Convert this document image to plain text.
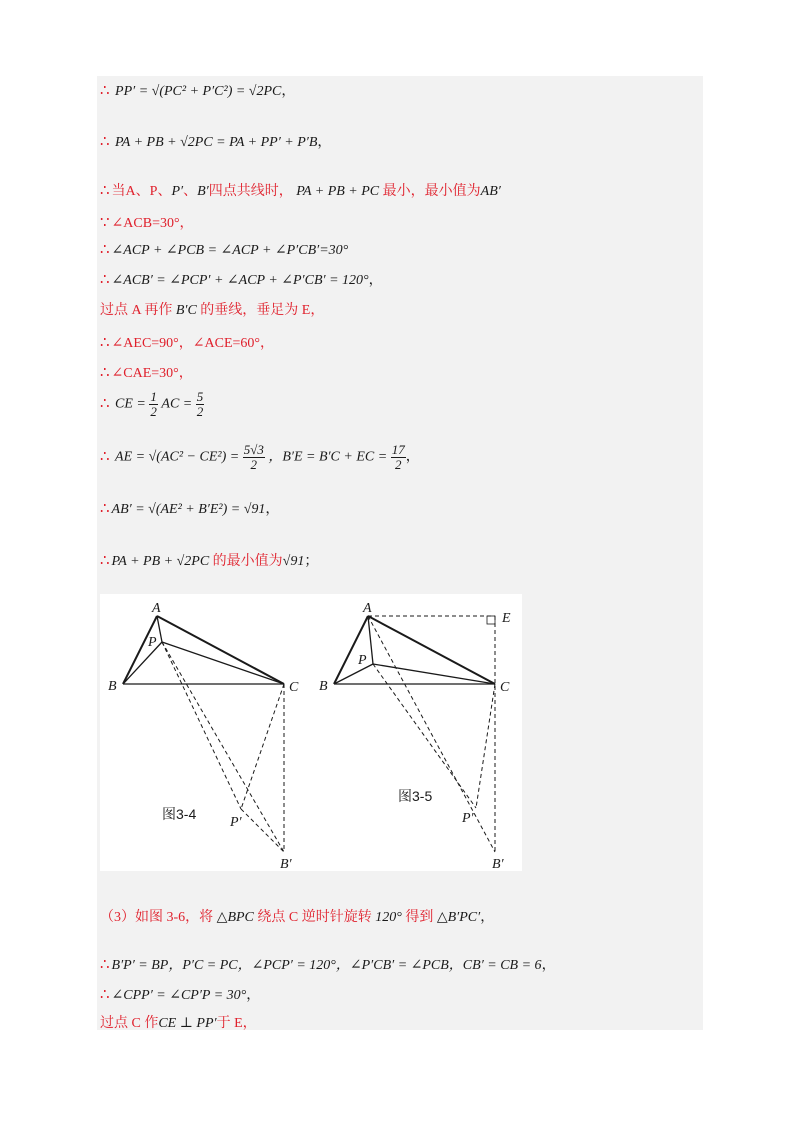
∴ PP′ = √(PC² + P′C²) = √2PC，
∴ PA + PB + √2PC = PA + PP′ + P′B，
∴ 当A、P、P′、B′四点共线时， PA + PB + PC 最小，最小值为AB′
∵ ∠ACB=30°，
∴ ∠ACP + ∠PCB = ∠ACP + ∠P′CB′=30°
∴ ∠ACB′ = ∠PCP′ + ∠ACP + ∠P′CB′ = 120°，
过点 A 再作 B′C 的垂线，垂足为 E，
∴ ∠AEC=90°，∠ACE=60°，
∴ ∠CAE=30°，
∴ CE = $\frac{1}{2}$ AC = $\frac{5}{2}$
∴ AE = $√(AC^2 - CE^2) = \frac{5√3}{2}$ ，B′E = B′C + EC = $\frac{17}{2}$ ，
∴ AB′ = √(AE² + B′E²) = √91，
∴ PA + PB + √2PC 的最小值为√91；
A
P
B	C
P′
B′
图3-4
A
E
P
B	C
P′
B′
图3-5
（3）如图 3-6，将 △BPC 绕点 C 逆时针旋转 120° 得到 △B′PC′，
∴ B′P′ = BP，P′C = PC，∠PCP′ = 120°，∠P′CB′ = ∠PCB，CB′ = CB = 6，
∴ ∠CPP′ = ∠CP′P = 30°，
过点 C 作CE ⊥ PP′于 E，
